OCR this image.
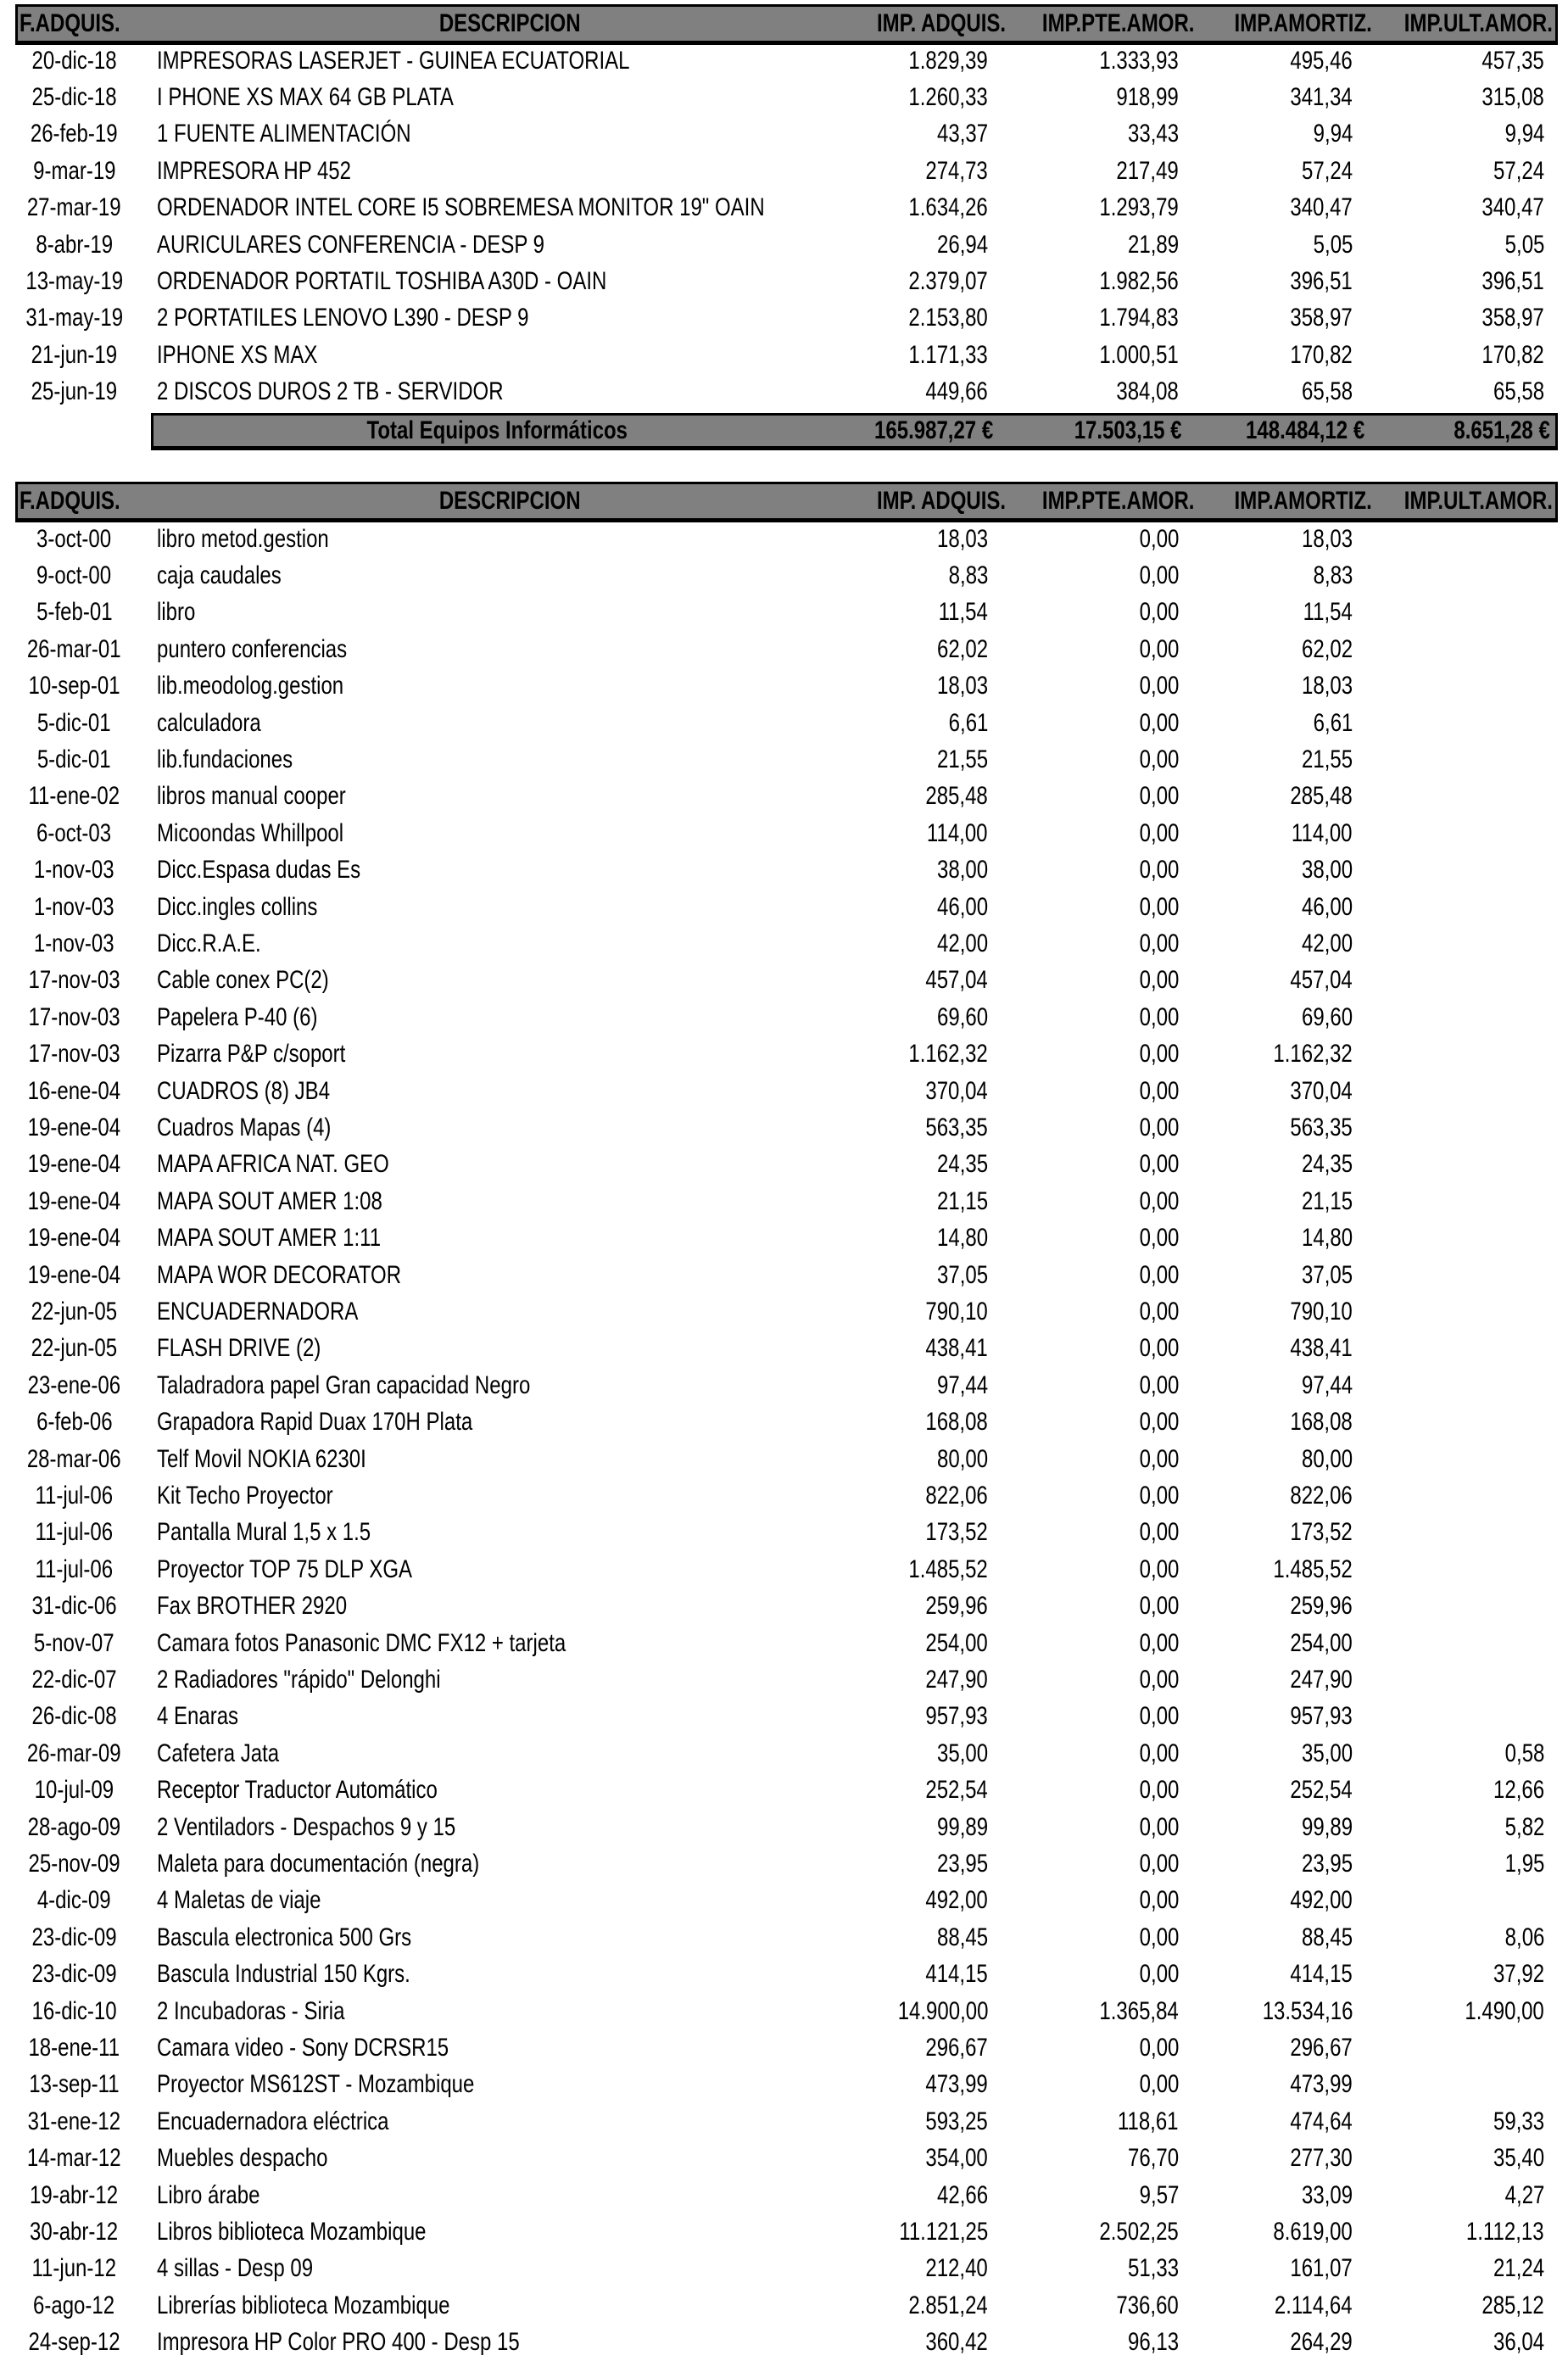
F.ADQUIS.	DESCRIPCION	IMP. ADQUIS. IMP.PTE.AMOR. IMP.AMORTIZ. IMP.ULT.AMOR.
20-dic-18 IMPRESORAS LASERJET - GUINEA ECUATORIAL	1.829,39	1.333,93	495,46	457,35
25-dic-18 I PHONE XS MAX 64 GB PLATA	1.260,33	918,99	341,34	315,08
26-feb-19 1 FUENTE ALIMENTACIÓN	43,37	33,43	9,94	9,94
9-mar-19 IMPRESORA HP 452	274,73	217,49	57,24	57,24
27-mar-19 ORDENADOR INTEL CORE I5 SOBREMESA MONITOR 19" OAIN	1.634,26	1.293,79	340,47	340,47
8-abr-19 AURICULARES CONFERENCIA - DESP 9	26,94	21,89	5,05	5,05
13-may-19 ORDENADOR PORTATIL TOSHIBA A30D - OAIN	2.379,07	1.982,56	396,51	396,51
31-may-19 2 PORTATILES LENOVO L390 - DESP 9	2.153,80	1.794,83	358,97	358,97
21-jun-19 IPHONE XS MAX	1.171,33	1.000,51	170,82	170,82
25-jun-19 2 DISCOS DUROS 2 TB - SERVIDOR	449,66	384,08	65,58	65,58
Total Equipos Informáticos	165.987,27 €	17.503,15 €	148.484,12 €	8.651,28 €
F.ADQUIS.	DESCRIPCION	IMP. ADQUIS. IMP.PTE.AMOR. IMP.AMORTIZ. IMP.ULT.AMOR.
3-oct-00 libro metod.gestion	18,03	0,00	18,03
9-oct-00 caja caudales	8,83	0,00	8,83
5-feb-01 libro	11,54	0,00	11,54
26-mar-01 puntero conferencias	62,02	0,00	62,02
10-sep-01 lib.meodolog.gestion	18,03	0,00	18,03
5-dic-01 calculadora	6,61	0,00	6,61
5-dic-01 lib.fundaciones	21,55	0,00	21,55
11-ene-02 libros manual cooper	285,48	0,00	285,48
6-oct-03 Micoondas Whillpool	114,00	0,00	114,00
1-nov-03 Dicc.Espasa dudas Es	38,00	0,00	38,00
1-nov-03 Dicc.ingles collins	46,00	0,00	46,00
1-nov-03 Dicc.R.A.E.	42,00	0,00	42,00
17-nov-03 Cable conex PC(2)	457,04	0,00	457,04
17-nov-03 Papelera P-40 (6)	69,60	0,00	69,60
17-nov-03 Pizarra P&P c/soport	1.162,32	0,00	1.162,32
16-ene-04 CUADROS (8) JB4	370,04	0,00	370,04
19-ene-04 Cuadros Mapas (4)	563,35	0,00	563,35
19-ene-04 MAPA AFRICA NAT. GEO	24,35	0,00	24,35
19-ene-04 MAPA SOUT AMER 1:08	21,15	0,00	21,15
19-ene-04 MAPA SOUT AMER 1:11	14,80	0,00	14,80
19-ene-04 MAPA WOR DECORATOR	37,05	0,00	37,05
22-jun-05 ENCUADERNADORA	790,10	0,00	790,10
22-jun-05 FLASH DRIVE (2)	438,41	0,00	438,41
23-ene-06 Taladradora papel Gran capacidad Negro	97,44	0,00	97,44
6-feb-06 Grapadora Rapid Duax 170H Plata	168,08	0,00	168,08
28-mar-06 Telf Movil NOKIA 6230I	80,00	0,00	80,00
11-jul-06 Kit Techo Proyector	822,06	0,00	822,06
11-jul-06 Pantalla Mural 1,5 x 1.5	173,52	0,00	173,52
11-jul-06 Proyector TOP 75 DLP XGA	1.485,52	0,00	1.485,52
31-dic-06 Fax BROTHER 2920	259,96	0,00	259,96
5-nov-07 Camara fotos Panasonic DMC FX12 + tarjeta	254,00	0,00	254,00
22-dic-07 2 Radiadores "rápido" Delonghi	247,90	0,00	247,90
26-dic-08 4 Enaras	957,93	0,00	957,93
26-mar-09 Cafetera Jata	35,00	0,00	35,00	0,58
10-jul-09 Receptor Traductor Automático	252,54	0,00	252,54	12,66
28-ago-09 2 Ventiladors - Despachos 9 y 15	99,89	0,00	99,89	5,82
25-nov-09 Maleta para documentación (negra)	23,95	0,00	23,95	1,95
4-dic-09 4 Maletas de viaje	492,00	0,00	492,00
23-dic-09 Bascula electronica 500 Grs	88,45	0,00	88,45	8,06
23-dic-09 Bascula Industrial 150 Kgrs.	414,15	0,00	414,15	37,92
16-dic-10 2 Incubadoras - Siria	14.900,00	1.365,84	13.534,16	1.490,00
18-ene-11 Camara video - Sony DCRSR15	296,67	0,00	296,67
13-sep-11 Proyector MS612ST - Mozambique	473,99	0,00	473,99
31-ene-12 Encuadernadora eléctrica	593,25	118,61	474,64	59,33
14-mar-12 Muebles despacho	354,00	76,70	277,30	35,40
19-abr-12 Libro árabe	42,66	9,57	33,09	4,27
30-abr-12 Libros biblioteca Mozambique	11.121,25	2.502,25	8.619,00	1.112,13
11-jun-12 4 sillas - Desp 09	212,40	51,33	161,07	21,24
6-ago-12 Librerías biblioteca Mozambique	2.851,24	736,60	2.114,64	285,12
24-sep-12 Impresora HP Color PRO 400 - Desp 15	360,42	96,13	264,29	36,04
